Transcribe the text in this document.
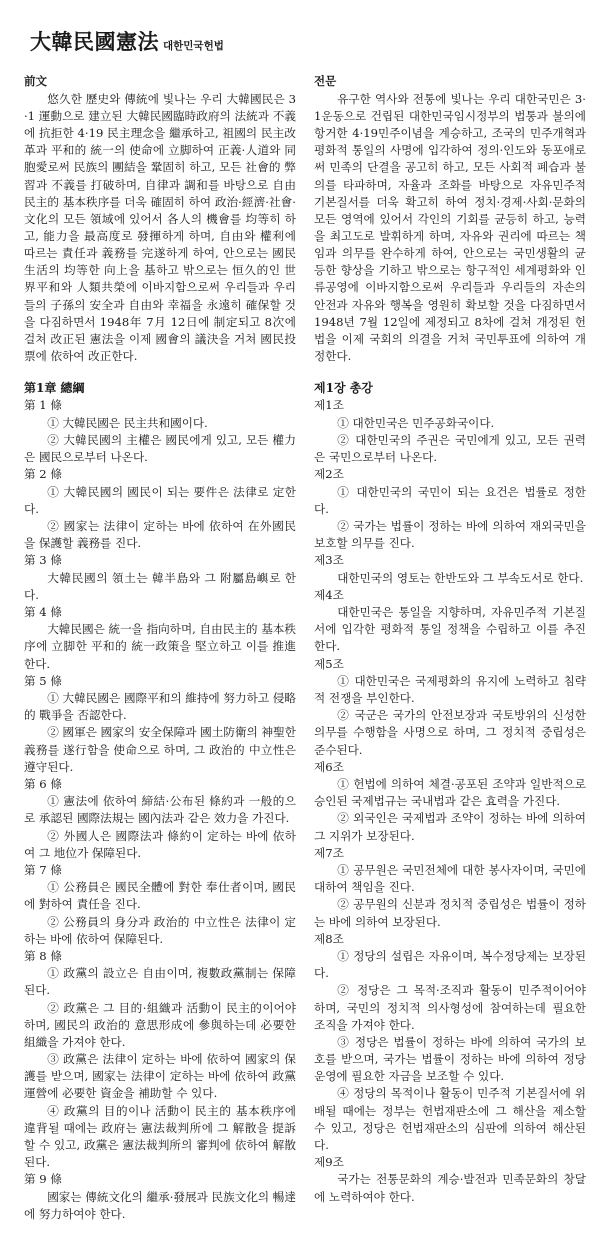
大韓民國憲法 대한민국헌법
前文

悠久한 歷史와 傳統에 빛나는 우리 大韓國民은 3·1 運動으로 建立된 大韓民國臨時政府의 法統과 不義에 抗拒한 4·19 民主理念을 繼承하고, 祖國의 民主改革과 平和的 統一의 使命에 立脚하여 正義·人道와 同胞愛로써 民族의 團結을 鞏固히 하고, 모든 社會的 弊習과 不義를 打破하며, 自律과 調和를 바탕으로 自由民主的 基本秩序를 더욱 確固히 하여 政治·經濟·社會·文化의 모든 領域에 있어서 各人의 機會를 均等히 하고, 能力을 最高度로 發揮하게 하며, 自由와 權利에 따르는 責任과 義務를 完遂하게 하여, 안으로는 國民生活의 均等한 向上을 基하고 밖으로는 恒久的인 世界平和와 人類共榮에 이바지함으로써 우리들과 우리들의 子孫의 安全과 自由와 幸福을 永遠히 確保할 것을 다짐하면서 1948年 7月 12日에 制定되고 8次에 걸쳐 改正된 憲法을 이제 國會의 議決을 거쳐 國民投票에 依하여 改正한다.

第1章 總綱
第 1 條

① 大韓民國은 民主共和國이다.

② 大韓民國의 主權은 國民에게 있고, 모든 權力은 國民으로부터 나온다.

第 2 條

① 大韓民國의 國民이 되는 要件은 法律로 定한다.

② 國家는 法律이 定하는 바에 依하여 在外國民을 保護할 義務를 진다.

第 3 條

大韓民國의 領土는 韓半島와 그 附屬島嶼로 한다.

第 4 條

大韓民國은 統一을 指向하며, 自由民主的 基本秩序에 立脚한 平和的 統一政策을 堅立하고 이를 推進한다.

第 5 條

① 大韓民國은 國際平和의 維持에 努力하고 侵略的 戰爭을 否認한다.

② 國軍은 國家의 安全保障과 國土防衛의 神聖한 義務를 遂行함을 使命으로 하며, 그 政治的 中立性은 遵守된다.

第 6 條

① 憲法에 依하여 締結·公布된 條約과 一般的으로 承認된 國際法規는 國內法과 같은 效力을 가진다.

② 外國人은 國際法과 條約이 定하는 바에 依하여 그 地位가 保障된다.

第 7 條

① 公務員은 國民全體에 對한 奉仕者이며, 國民에 對하여 責任을 진다.

② 公務員의 身分과 政治的 中立性은 法律이 定하는 바에 依하여 保障된다.

第 8 條

① 政黨의 設立은 自由이며, 複數政黨制는 保障된다.

② 政黨은 그 目的·組織과 活動이 民主的이어야 하며, 國民의 政治的 意思形成에 參與하는데 必要한 組織을 가져야 한다.

③ 政黨은 法律이 定하는 바에 依하여 國家의 保護를 받으며, 國家는 法律이 定하는 바에 依하여 政黨運營에 必要한 資金을 補助할 수 있다.

④ 政黨의 目的이나 活動이 民主的 基本秩序에 違背될 때에는 政府는 憲法裁判所에 그 解散을 提訴할 수 있고, 政黨은 憲法裁判所의 審判에 依하여 解散된다.

第 9 條

國家는 傳統文化의 繼承·發展과 民族文化의 暢達에 努力하여야 한다.

전문

유구한 역사와 전통에 빛나는 우리 대한국민은 3·1운동으로 건립된 대한민국임시정부의 법통과 불의에 항거한 4·19민주이념을 계승하고, 조국의 민주개혁과 평화적 통일의 사명에 입각하여 정의·인도와 동포애로써 민족의 단결을 공고히 하고, 모든 사회적 폐습과 불의를 타파하며, 자율과 조화를 바탕으로 자유민주적 기본질서를 더욱 확고히 하여 정치·경제·사회·문화의 모든 영역에 있어서 각인의 기회를 균등히 하고, 능력을 최고도로 발휘하게 하며, 자유와 권리에 따르는 책임과 의무를 완수하게 하여, 안으로는 국민생활의 균등한 향상을 기하고 밖으로는 항구적인 세계평화와 인류공영에 이바지함으로써 우리들과 우리들의 자손의 안전과 자유와 행복을 영원히 확보할 것을 다짐하면서 1948년 7월 12일에 제정되고 8차에 걸쳐 개정된 헌법을 이제 국회의 의결을 거쳐 국민투표에 의하여 개정한다.

제1장 총강
제1조

① 대한민국은 민주공화국이다.

② 대한민국의 주권은 국민에게 있고, 모든 권력은 국민으로부터 나온다.

제2조

① 대한민국의 국민이 되는 요건은 법률로 정한다.

② 국가는 법률이 정하는 바에 의하여 재외국민을 보호할 의무를 진다.

제3조

대한민국의 영토는 한반도와 그 부속도서로 한다.

제4조

대한민국은 통일을 지향하며, 자유민주적 기본질서에 입각한 평화적 통일 정책을 수립하고 이를 추진한다.

제5조

① 대한민국은 국제평화의 유지에 노력하고 침략적 전쟁을 부인한다.

② 국군은 국가의 안전보장과 국토방위의 신성한 의무를 수행함을 사명으로 하며, 그 정치적 중립성은 준수된다.

제6조

① 헌법에 의하여 체결·공포된 조약과 일반적으로 승인된 국제법규는 국내법과 같은 효력을 가진다.

② 외국인은 국제법과 조약이 정하는 바에 의하여 그 지위가 보장된다.

제7조

① 공무원은 국민전체에 대한 봉사자이며, 국민에 대하여 책임을 진다.

② 공무원의 신분과 정치적 중립성은 법률이 정하는 바에 의하여 보장된다.

제8조

① 정당의 설립은 자유이며, 복수정당제는 보장된다.

② 정당은 그 목적·조직과 활동이 민주적이어야 하며, 국민의 정치적 의사형성에 참여하는데 필요한 조직을 가져야 한다.

③ 정당은 법률이 정하는 바에 의하여 국가의 보호를 받으며, 국가는 법률이 정하는 바에 의하여 정당운영에 필요한 자금을 보조할 수 있다.

④ 정당의 목적이나 활동이 민주적 기본질서에 위배될 때에는 정부는 헌법재판소에 그 해산을 제소할 수 있고, 정당은 헌법재판소의 심판에 의하여 해산된다.

제9조

국가는 전통문화의 계승·발전과 민족문화의 창달에 노력하여야 한다.
